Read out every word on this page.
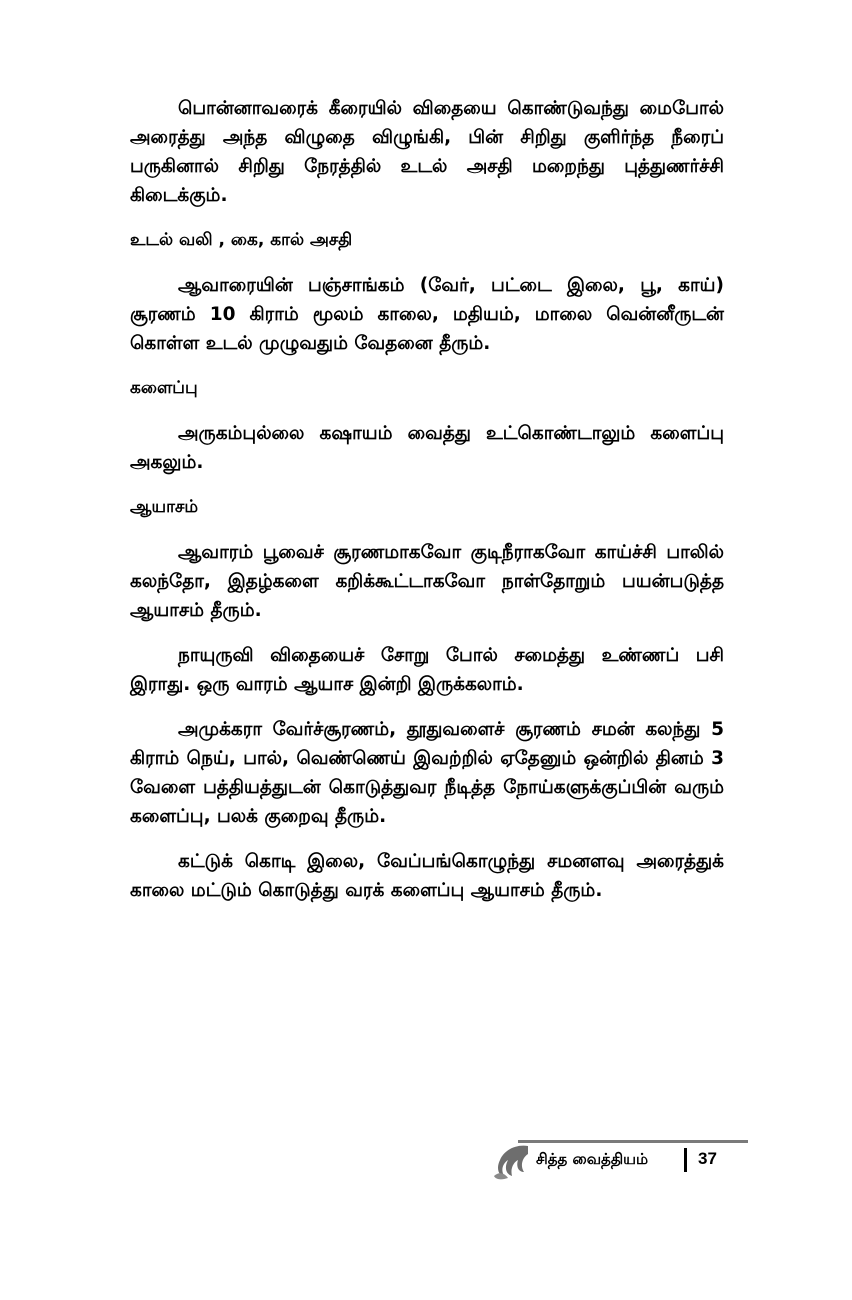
பொன்னாவரைக் கீரையில் விதையை கொண்டுவந்து மைபோல் அரைத்து அந்த விழுதை விழுங்கி, பின் சிறிது குளிர்ந்த நீரைப் பருகினால் சிறிது நேரத்தில் உடல் அசதி மறைந்து புத்துணர்ச்சி கிடைக்கும்.

உடல் வலி , கை, கால் அசதி

ஆவாரையின் பஞ்சாங்கம் (வேர், பட்டை இலை, பூ, காய்) சூரணம் 10 கிராம் மூலம் காலை, மதியம், மாலை வென்னீருடன் கொள்ள உடல் முழுவதும் வேதனை தீரும்.

களைப்பு

அருகம்புல்லை கஷாயம் வைத்து உட்கொண்டாலும் களைப்பு அகலும்.

ஆயாசம்

ஆவாரம் பூவைச் சூரணமாகவோ குடிநீராகவோ காய்ச்சி பாலில் கலந்தோ, இதழ்களை கறிக்கூட்டாகவோ நாள்தோறும் பயன்படுத்த ஆயாசம் தீரும்.

நாயுருவி விதையைச் சோறு போல் சமைத்து உண்ணப் பசி இராது. ஒரு வாரம் ஆயாச இன்றி இருக்கலாம்.

அமுக்கரா வேர்ச்சூரணம், தூதுவளைச் சூரணம் சமன் கலந்து 5 கிராம் நெய், பால், வெண்ணெய் இவற்றில் ஏதேனும் ஒன்றில் தினம் 3 வேளை பத்தியத்துடன் கொடுத்துவர நீடித்த நோய்களுக்குப்பின் வரும் களைப்பு, பலக் குறைவு தீரும்.

கட்டுக் கொடி இலை, வேப்பங்கொழுந்து சமனளவு அரைத்துக் காலை மட்டும் கொடுத்து வரக் களைப்பு ஆயாசம் தீரும்.

சித்த வைத்தியம்	37
